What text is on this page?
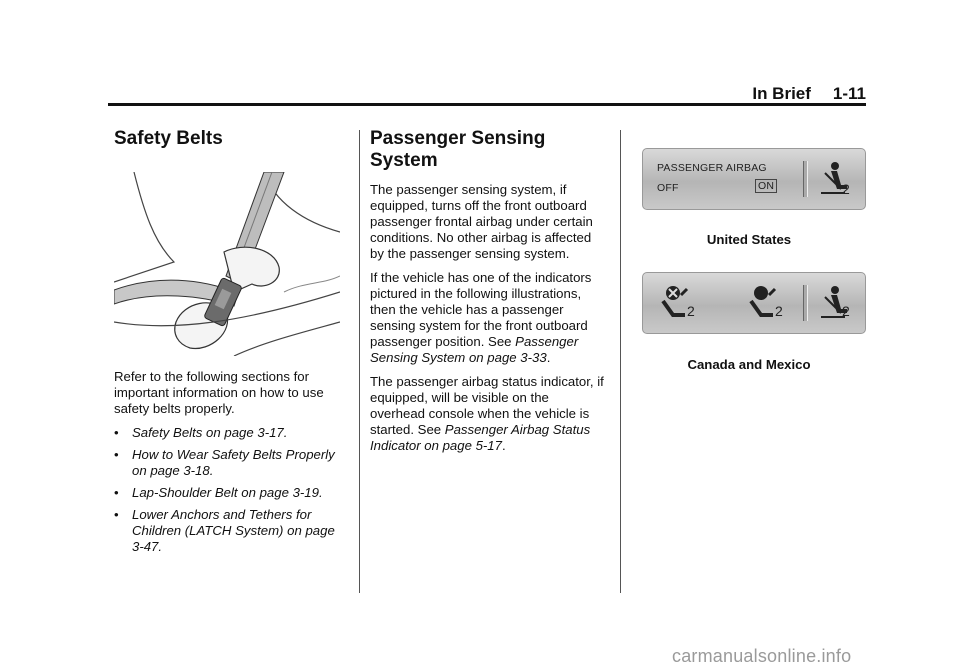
In Brief 1-11
Safety Belts

Refer to the following sections for important information on how to use safety belts properly.

• Safety Belts on page 3-17.
• How to Wear Safety Belts Properly on page 3-18.
• Lap-Shoulder Belt on page 3-19.
• Lower Anchors and Tethers for Children (LATCH System) on page 3-47.
Passenger Sensing System

The passenger sensing system, if equipped, turns off the front outboard passenger frontal airbag under certain conditions. No other airbag is affected by the passenger sensing system.

If the vehicle has one of the indicators pictured in the following illustrations, then the vehicle has a passenger sensing system for the front outboard passenger position. See Passenger Sensing System on page 3-33.

The passenger airbag status indicator, if equipped, will be visible on the overhead console when the vehicle is started. See Passenger Airbag Status Indicator on page 5-17.

PASSENGER AIRBAG
OFF	ON	2
United States
2	2	2
Canada and Mexico
carmanualsonline.info
